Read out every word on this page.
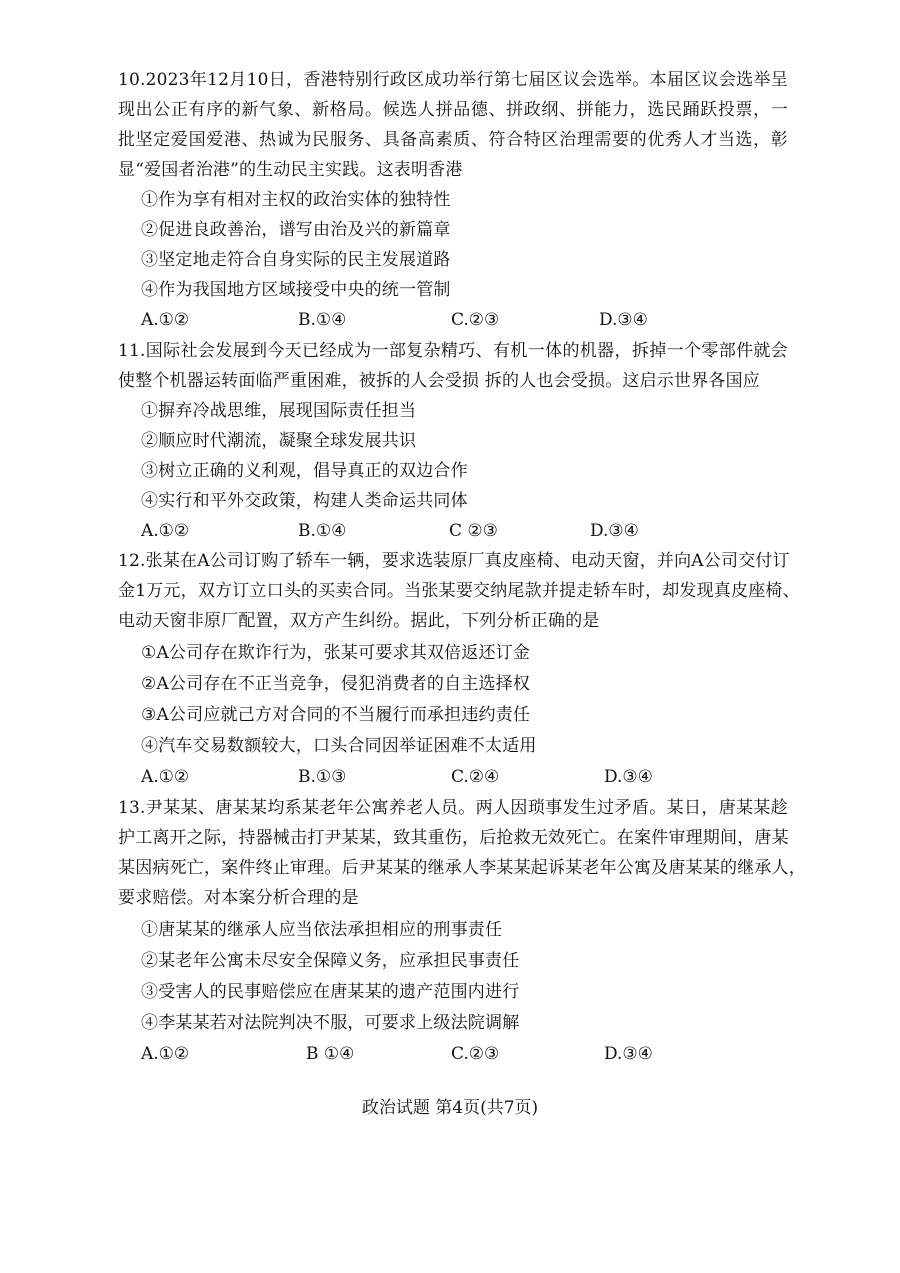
10.2023年12月10日，香港特别行政区成功举行第七届区议会选举。本届区议会选举呈
现出公正有序的新气象、新格局。候选人拼品德、拼政纲、拼能力，选民踊跃投票，一
批坚定爱国爱港、热诚为民服务、具备高素质、符合特区治理需要的优秀人才当选，彰
显“爱国者治港”的生动民主实践。这表明香港
①作为享有相对主权的政治实体的独特性
②促进良政善治，谱写由治及兴的新篇章
③坚定地走符合自身实际的民主发展道路
④作为我国地方区域接受中央的统一管制
A.①②	B.①④	C.②③	D.③④
11.国际社会发展到今天已经成为一部复杂精巧、有机一体的机器，拆掉一个零部件就会
使整个机器运转面临严重困难，被拆的人会受损 拆的人也会受损。这启示世界各国应
①摒弃冷战思维，展现国际责任担当
②顺应时代潮流，凝聚全球发展共识
③树立正确的义利观，倡导真正的双边合作
④实行和平外交政策，构建人类命运共同体
A.①②	B.①④	C ②③	D.③④
12.张某在A公司订购了轿车一辆，要求选装原厂真皮座椅、电动天窗，并向A公司交付订
金1万元，双方订立口头的买卖合同。当张某要交纳尾款并提走轿车时，却发现真皮座椅、
电动天窗非原厂配置，双方产生纠纷。据此，下列分析正确的是
①A公司存在欺诈行为，张某可要求其双倍返还订金
②A公司存在不正当竞争，侵犯消费者的自主选择权
③A公司应就己方对合同的不当履行而承担违约责任
④汽车交易数额较大，口头合同因举证困难不太适用
A.①②	B.①③	C.②④	D.③④
13.尹某某、唐某某均系某老年公寓养老人员。两人因琐事发生过矛盾。某日，唐某某趁
护工离开之际，持器械击打尹某某，致其重伤，后抢救无效死亡。在案件审理期间，唐某
某因病死亡，案件终止审理。后尹某某的继承人李某某起诉某老年公寓及唐某某的继承人，
要求赔偿。对本案分析合理的是
①唐某某的继承人应当依法承担相应的刑事责任
②某老年公寓未尽安全保障义务，应承担民事责任
③受害人的民事赔偿应在唐某某的遗产范围内进行
④李某某若对法院判决不服，可要求上级法院调解
A.①②	B ①④	C.②③	D.③④
政治试题 第4页(共7页)
